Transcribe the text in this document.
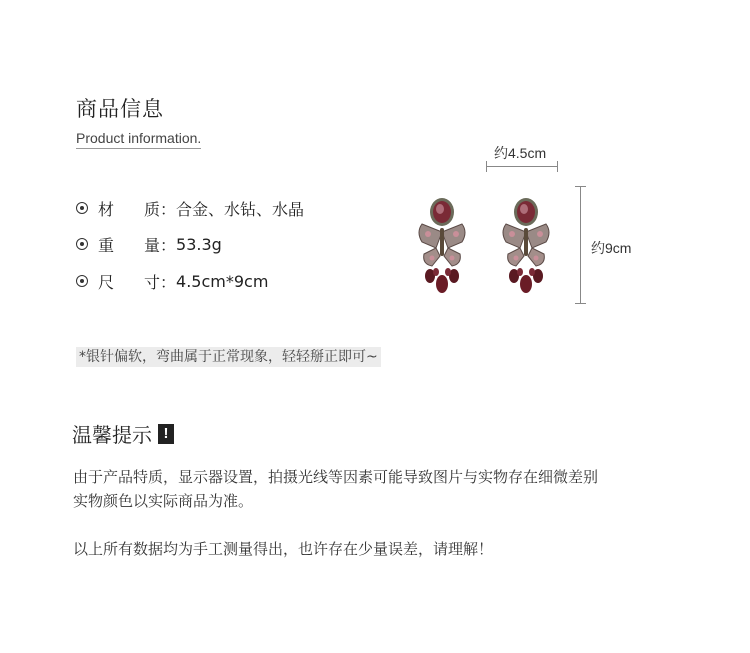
商品信息
Product information.
材	质： 合金、水钻、水晶
重	量： 53.3g
尺	寸： 4.5cm*9cm
约4.5cm
约9cm
*银针偏软，弯曲属于正常现象，轻轻掰正即可~
温馨提示 !
由于产品特质，显示器设置，拍摄光线等因素可能导致图片与实物存在细微差别
实物颜色以实际商品为准。
以上所有数据均为手工测量得出，也许存在少量误差，请理解！
